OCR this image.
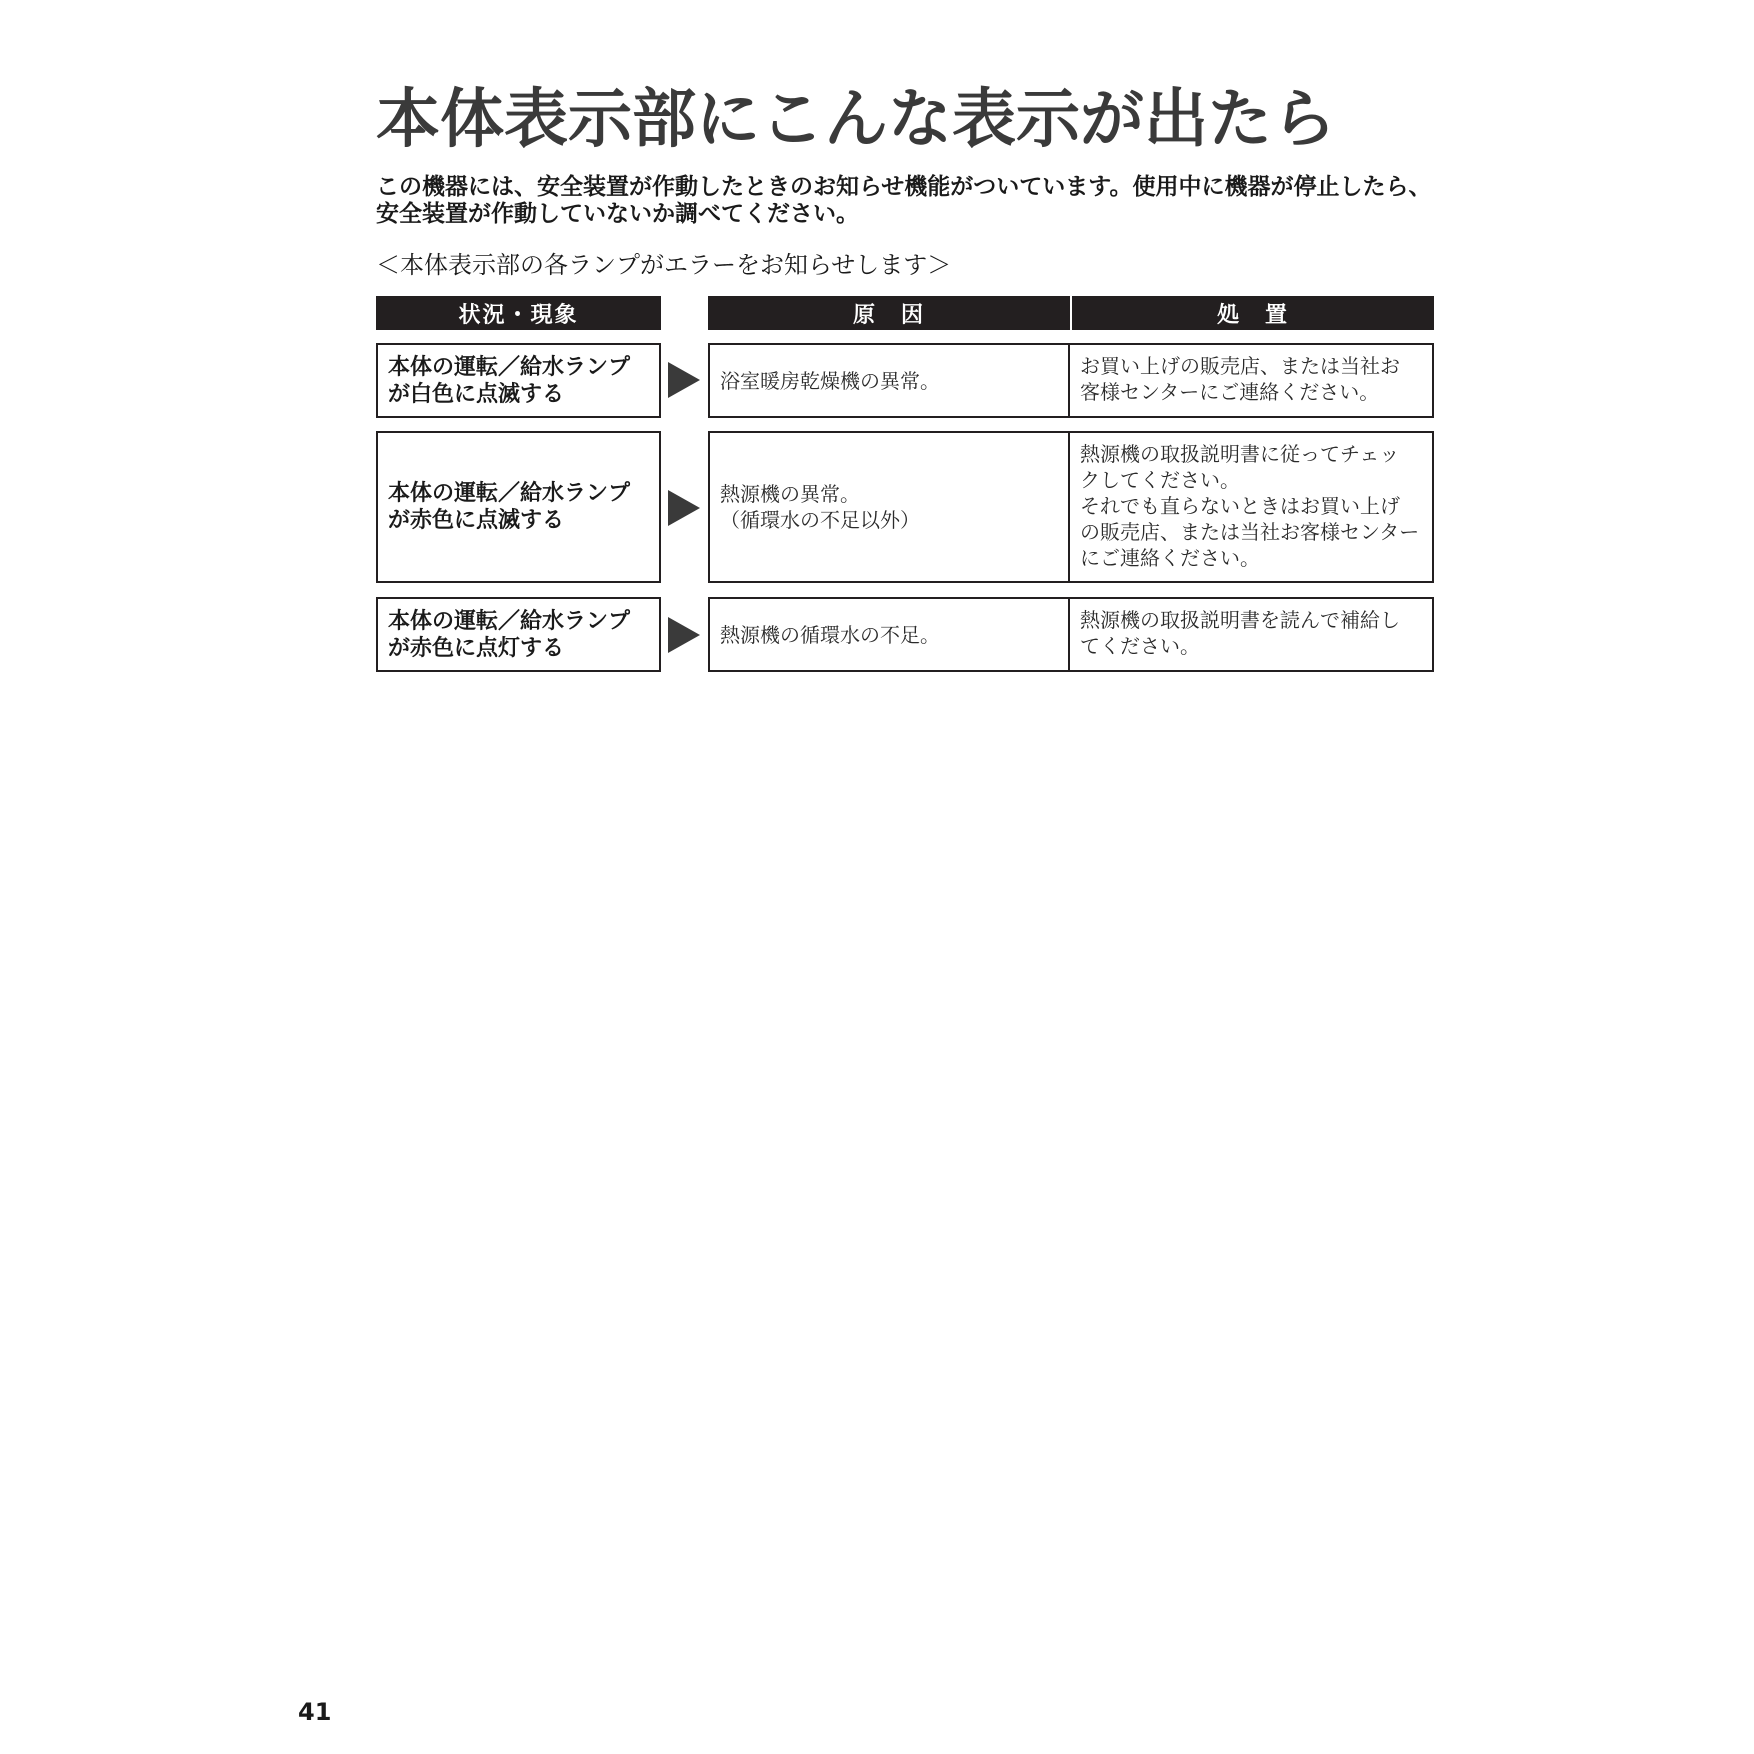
本体表示部にこんな表示が出たら

この機器には、安全装置が作動したときのお知らせ機能がついています。使用中に機器が停止したら、
安全装置が作動していないか調べてください。

＜本体表示部の各ランプがエラーをお知らせします＞

状況・現象	原　因	処　置
本体の運転／給水ランプ
が白色に点滅する
浴室暖房乾燥機の異常。
お買い上げの販売店、または当社お
客様センターにご連絡ください。
本体の運転／給水ランプ
が赤色に点滅する
熱源機の異常。
（循環水の不足以外）
熱源機の取扱説明書に従ってチェッ
クしてください。
それでも直らないときはお買い上げ
の販売店、または当社お客様センター
にご連絡ください。
本体の運転／給水ランプ
が赤色に点灯する
熱源機の循環水の不足。
熱源機の取扱説明書を読んで補給し
てください。
41
